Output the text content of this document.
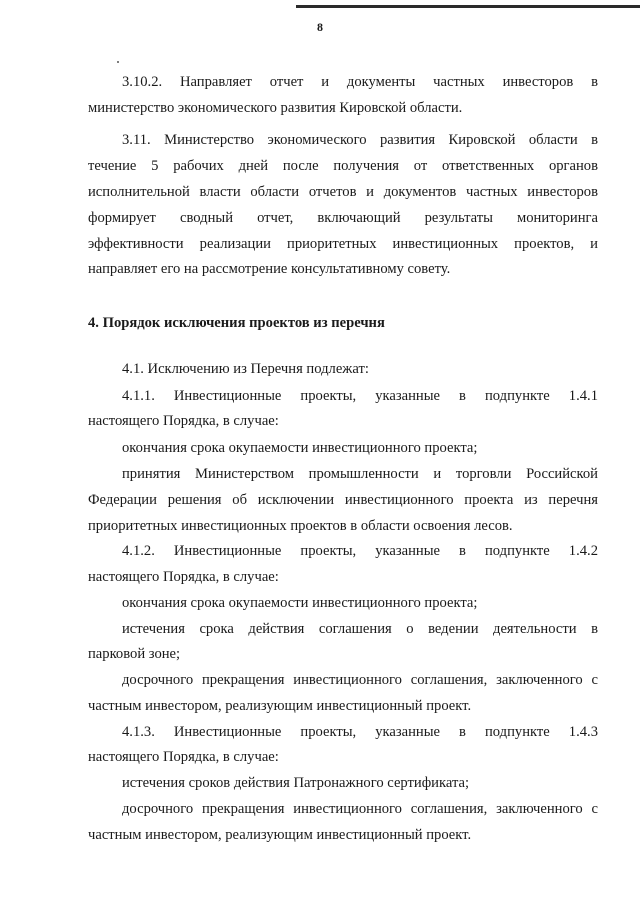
8
3.10.2. Направляет отчет и документы частных инвесторов в
министерство экономического развития Кировской области.
3.11. Министерство экономического развития Кировской области в
течение 5 рабочих дней после получения от ответственных органов
исполнительной власти области отчетов и документов частных инвесторов
формирует сводный отчет, включающий результаты мониторинга
эффективности реализации приоритетных инвестиционных проектов, и
направляет его на рассмотрение консультативному совету.
4. Порядок исключения проектов из перечня
4.1. Исключению из Перечня подлежат:
4.1.1. Инвестиционные проекты, указанные в подпункте 1.4.1
настоящего Порядка, в случае:
окончания срока окупаемости инвестиционного проекта;
принятия Министерством промышленности и торговли Российской
Федерации решения об исключении инвестиционного проекта из перечня
приоритетных инвестиционных проектов в области освоения лесов.
4.1.2. Инвестиционные проекты, указанные в подпункте 1.4.2
настоящего Порядка, в случае:
окончания срока окупаемости инвестиционного проекта;
истечения срока действия соглашения о ведении деятельности в
парковой зоне;
досрочного прекращения инвестиционного соглашения, заключенного с
частным инвестором, реализующим инвестиционный проект.
4.1.3. Инвестиционные проекты, указанные в подпункте 1.4.3
настоящего Порядка, в случае:
истечения сроков действия Патронажного сертификата;
досрочного прекращения инвестиционного соглашения, заключенного с
частным инвестором, реализующим инвестиционный проект.
